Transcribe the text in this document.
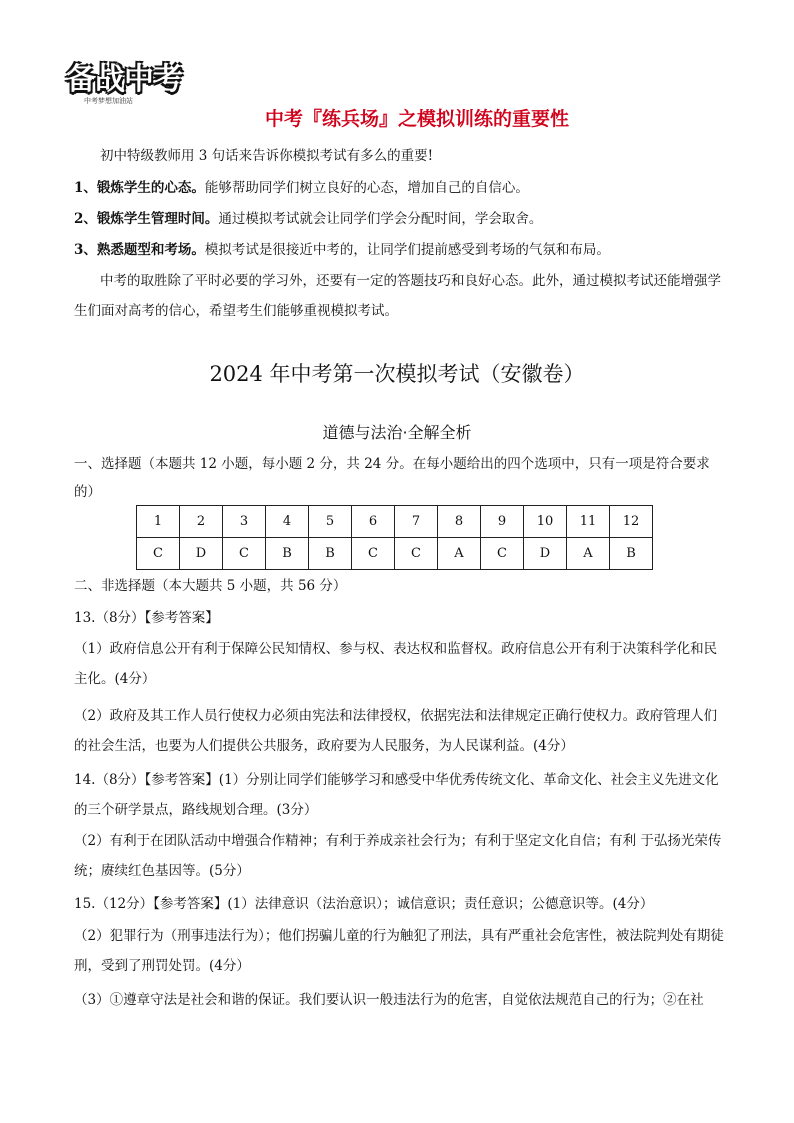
备战中考
中考梦想加油站
中考『练兵场』之模拟训练的重要性
初中特级教师用 3 句话来告诉你模拟考试有多么的重要!
1、锻炼学生的心态。能够帮助同学们树立良好的心态，增加自己的自信心。
2、锻炼学生管理时间。通过模拟考试就会让同学们学会分配时间，学会取舍。
3、熟悉题型和考场。模拟考试是很接近中考的，让同学们提前感受到考场的气氛和布局。
中考的取胜除了平时必要的学习外，还要有一定的答题技巧和良好心态。此外，通过模拟考试还能增强学生们面对高考的信心，希望考生们能够重视模拟考试。
2024 年中考第一次模拟考试（安徽卷）
道德与法治·全解全析
一、选择题（本题共 12 小题，每小题 2 分，共 24 分。在每小题给出的四个选项中，只有一项是符合要求的）
1	2	3	4	5	6	7	8	9	10	11	12
C	D	C	B	B	C	C	A	C	D	A	B
二、非选择题（本大题共 5 小题，共 56 分）
13.（8分）【参考答案】
（1）政府信息公开有利于保障公民知情权、参与权、表达权和监督权。政府信息公开有利于决策科学化和民主化。(4分）
（2）政府及其工作人员行使权力必须由宪法和法律授权，依据宪法和法律规定正确行使权力。政府管理人们的社会生活，也要为人们提供公共服务，政府要为人民服务，为人民谋利益。(4分）
14.（8分）【参考答案】(1）分别让同学们能够学习和感受中华优秀传统文化、革命文化、社会主义先进文化的三个研学景点，路线规划合理。(3分）
（2）有利于在团队活动中增强合作精神；有利于养成亲社会行为；有利于坚定文化自信；有利 于弘扬光荣传统；赓续红色基因等。(5分）
15.（12分）【参考答案】(1）法律意识（法治意识）；诚信意识；责任意识；公德意识等。(4分）
（2）犯罪行为（刑事违法行为）；他们拐骗儿童的行为触犯了刑法，具有严重社会危害性，被法院判处有期徒刑，受到了刑罚处罚。(4分）
（3）①遵章守法是社会和谐的保证。我们要认识一般违法行为的危害，自觉依法规范自己的行为；②在社
